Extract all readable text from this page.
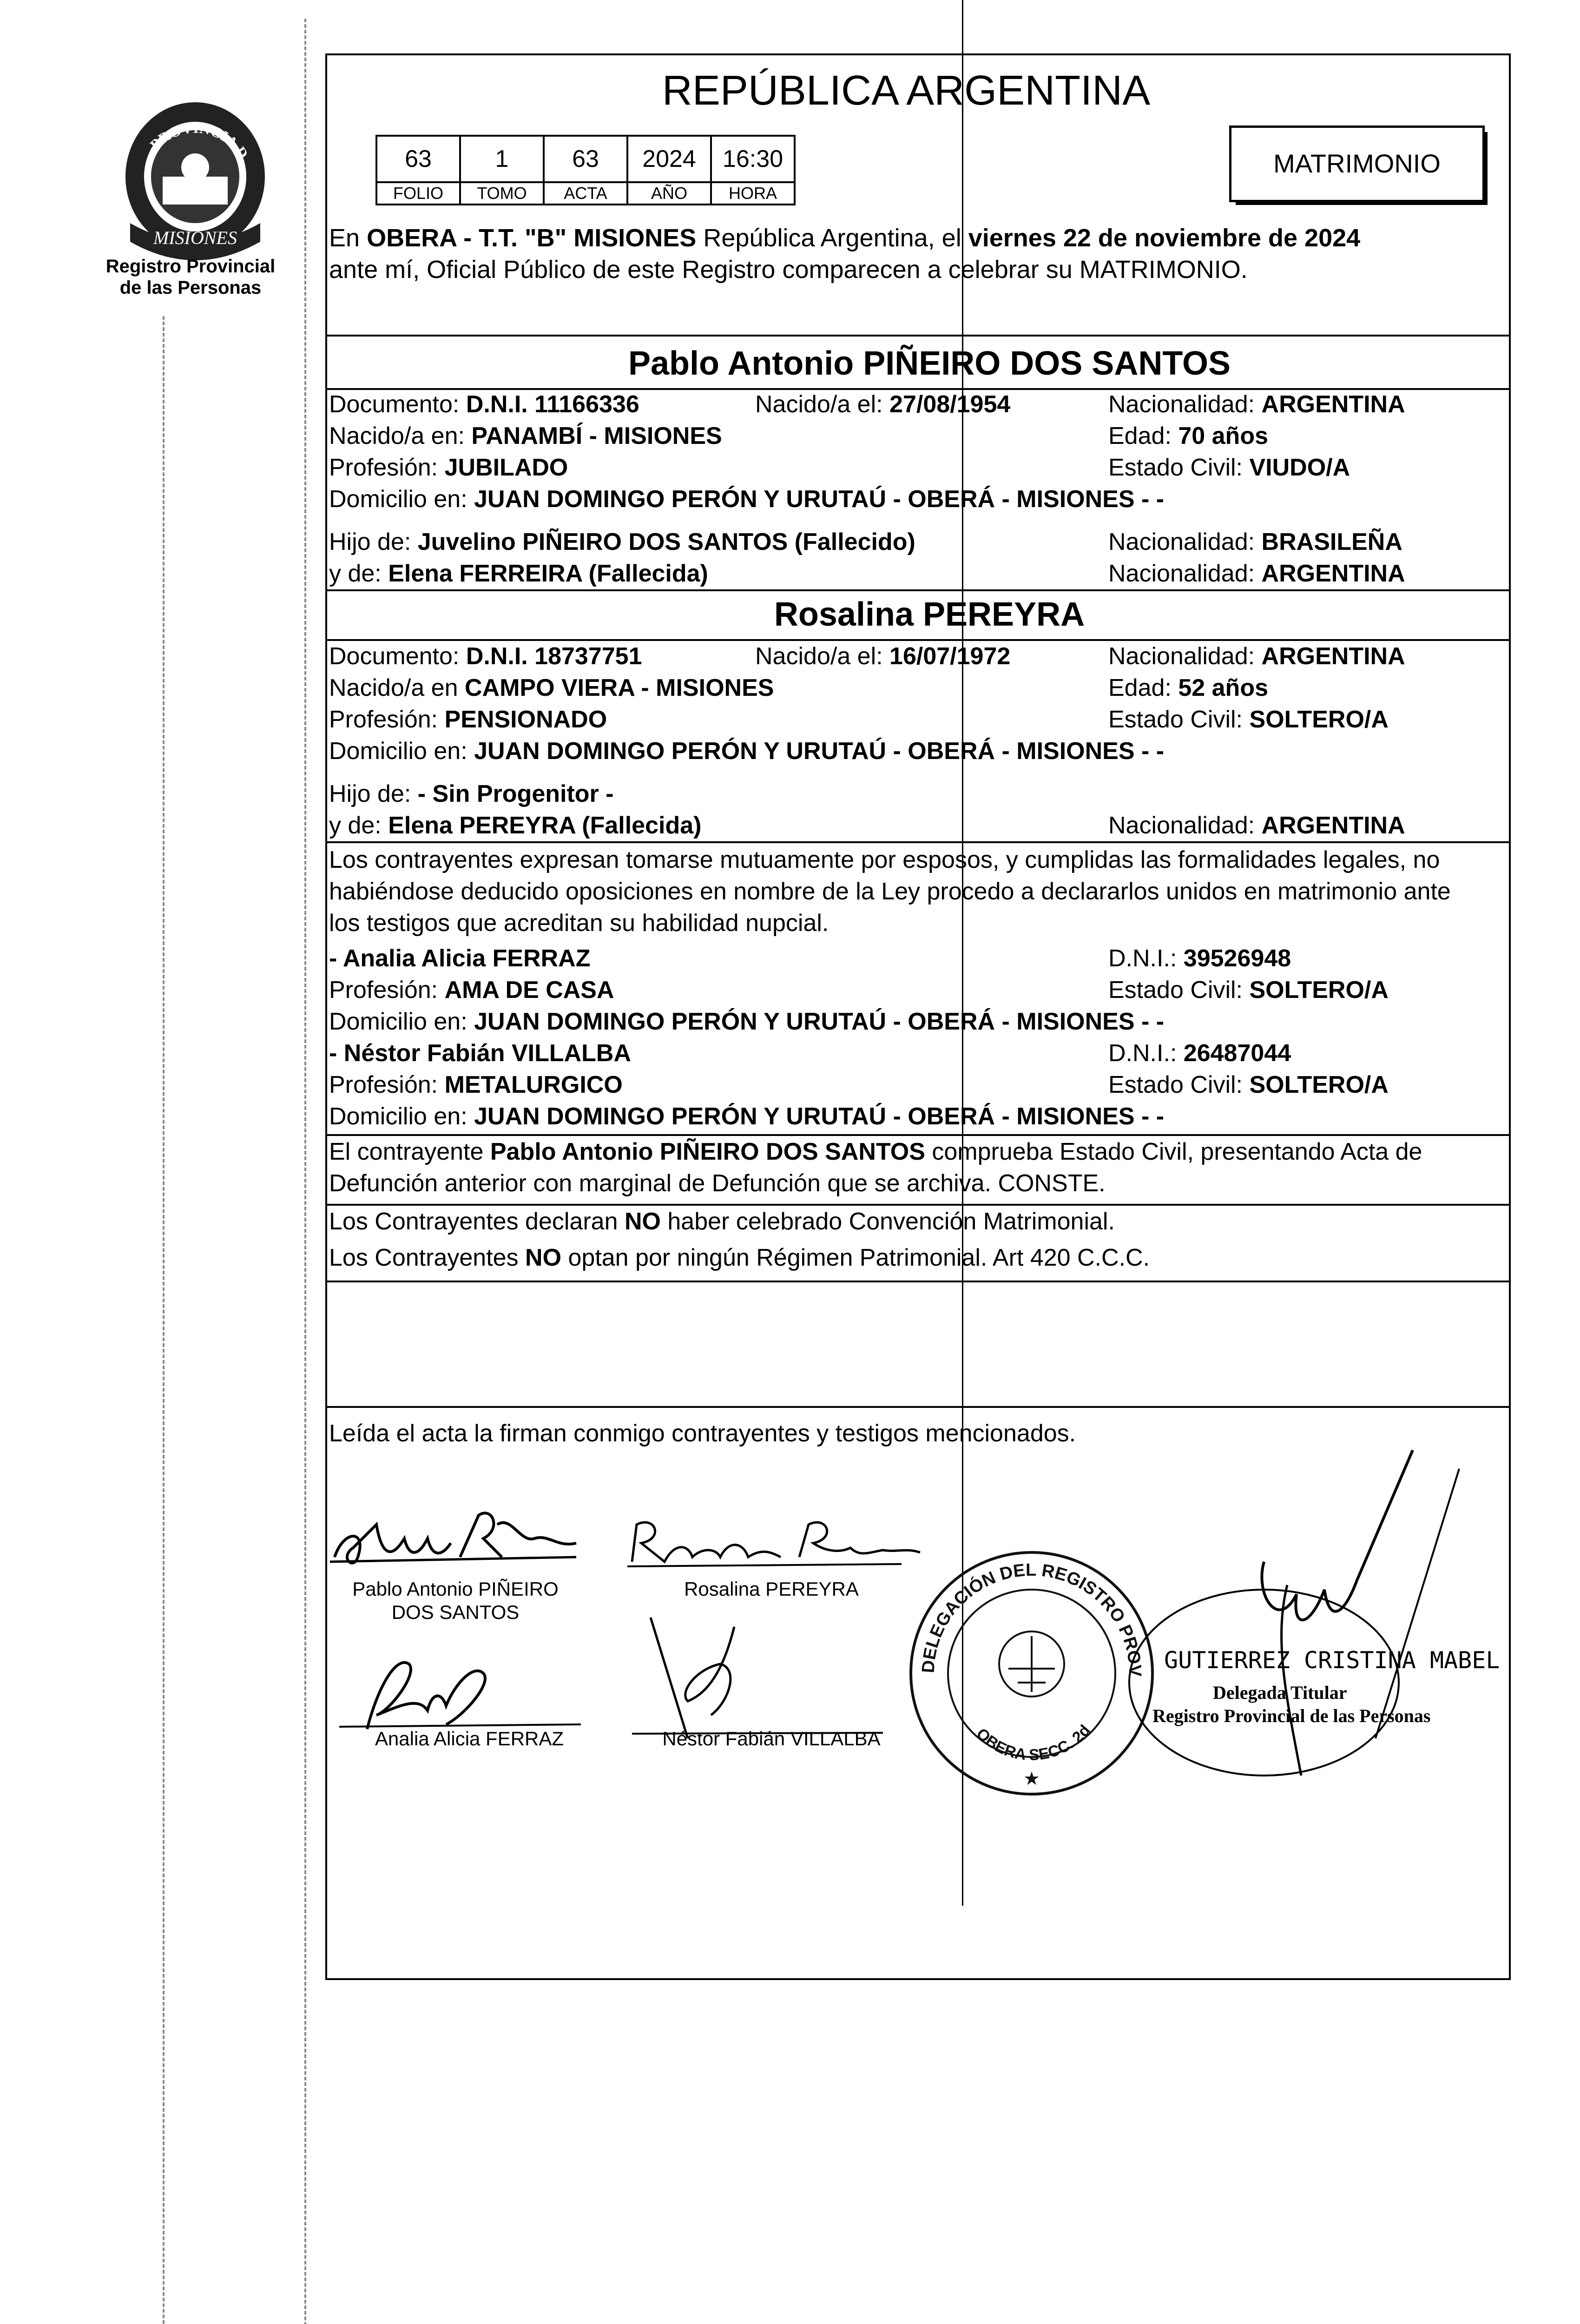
PROVINCIA D
MISIONES
Registro Provincial
de las Personas
REPÚBLICA ARGENTINA
63	1	63	2024	16:30
FOLIO	TOMO	ACTA	AÑO	HORA
MATRIMONIO
En OBERA - T.T. "B" MISIONES República Argentina, el viernes 22 de noviembre de 2024
ante mí, Oficial Público de este Registro comparecen a celebrar su MATRIMONIO.
Pablo Antonio PIÑEIRO DOS SANTOS
Documento: D.N.I. 11166336	Nacido/a el: 27/08/1954	Nacionalidad: ARGENTINA
Nacido/a en: PANAMBÍ - MISIONES	Edad: 70 años
Profesión: JUBILADO	Estado Civil: VIUDO/A
Domicilio en: JUAN DOMINGO PERÓN Y URUTAÚ - OBERÁ - MISIONES - -
Hijo de: Juvelino PIÑEIRO DOS SANTOS (Fallecido)	Nacionalidad: BRASILEÑA
y de: Elena FERREIRA (Fallecida)	Nacionalidad: ARGENTINA
Rosalina PEREYRA
Documento: D.N.I. 18737751	Nacido/a el: 16/07/1972	Nacionalidad: ARGENTINA
Nacido/a en CAMPO VIERA - MISIONES	Edad: 52 años
Profesión: PENSIONADO	Estado Civil: SOLTERO/A
Domicilio en: JUAN DOMINGO PERÓN Y URUTAÚ - OBERÁ - MISIONES - -
Hijo de: - Sin Progenitor -
y de: Elena PEREYRA (Fallecida)	Nacionalidad: ARGENTINA
Los contrayentes expresan tomarse mutuamente por esposos, y cumplidas las formalidades legales, no
habiéndose deducido oposiciones en nombre de la Ley procedo a declararlos unidos en matrimonio ante
los testigos que acreditan su habilidad nupcial.
- Analia Alicia FERRAZ	D.N.I.: 39526948
Profesión: AMA DE CASA	Estado Civil: SOLTERO/A
Domicilio en: JUAN DOMINGO PERÓN Y URUTAÚ - OBERÁ - MISIONES - -
- Néstor Fabián VILLALBA	D.N.I.: 26487044
Profesión: METALURGICO	Estado Civil: SOLTERO/A
Domicilio en: JUAN DOMINGO PERÓN Y URUTAÚ - OBERÁ - MISIONES - -
El contrayente Pablo Antonio PIÑEIRO DOS SANTOS comprueba Estado Civil, presentando Acta de
Defunción anterior con marginal de Defunción que se archiva. CONSTE.
Los Contrayentes declaran NO haber celebrado Convención Matrimonial.
Los Contrayentes NO optan por ningún Régimen Patrimonial. Art 420 C.C.C.
Leída el acta la firman conmigo contrayentes y testigos mencionados.
Pablo Antonio PIÑEIRO
DOS SANTOS
Rosalina PEREYRA
Analia Alicia FERRAZ	Néstor Fabián VILLALBA
DELEGACIÓN DEL REGISTRO PROV
OBERA SECC. 2d
★
GUTIERREZ CRISTINA MABEL
Delegada Titular
Registro Provincial de las Personas
